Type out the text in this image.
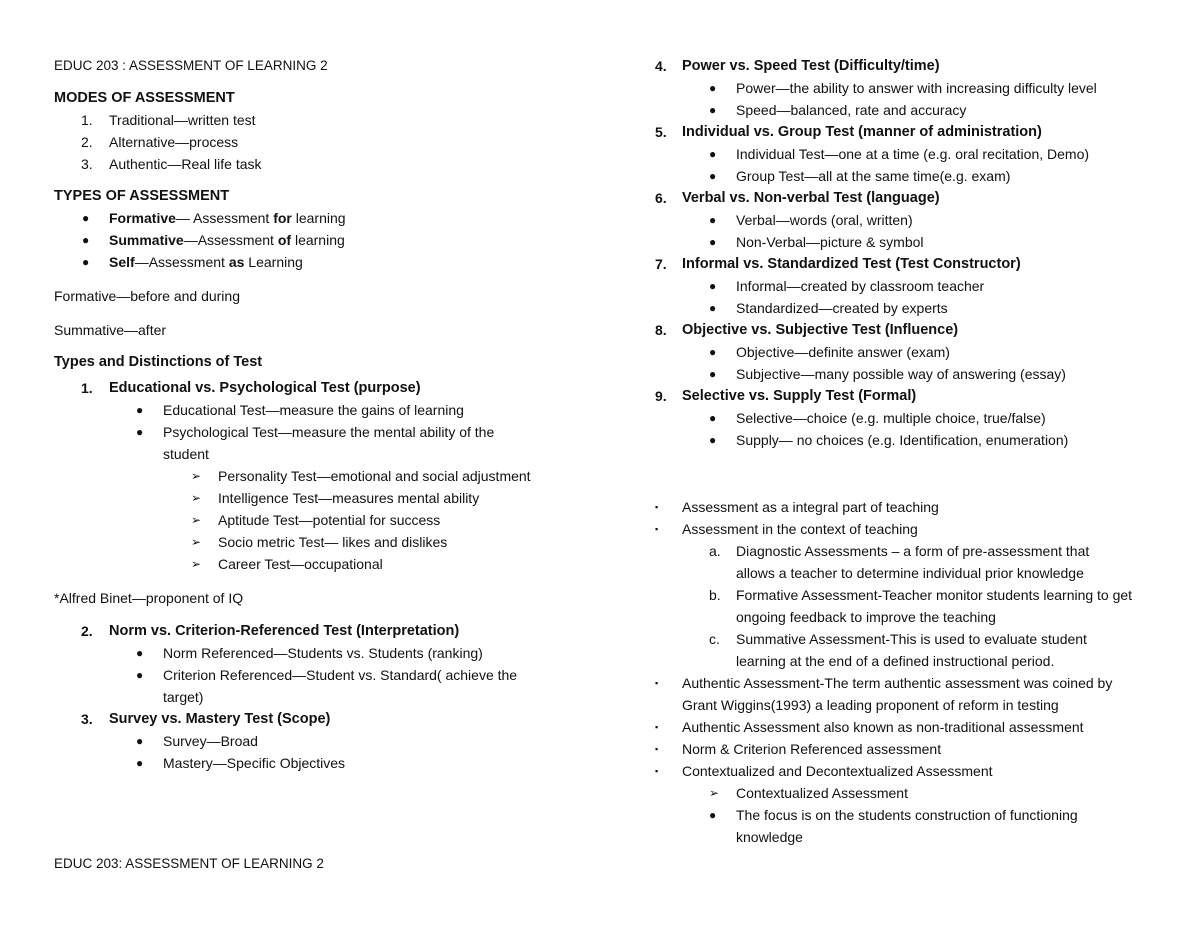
EDUC 203 : ASSESSMENT OF LEARNING 2
MODES OF ASSESSMENT
1.	Traditional—written test
2.	Alternative—process
3.	Authentic—Real life task
TYPES OF ASSESSMENT
●	Formative— Assessment for learning
●	Summative—Assessment of learning
●	Self—Assessment as Learning
Formative—before and during
Summative—after
Types and Distinctions of Test
1.	Educational vs. Psychological Test (purpose)
●	Educational Test—measure the gains of learning
●	Psychological Test—measure the mental ability of the student
➢	Personality Test—emotional and social adjustment
➢	Intelligence Test—measures mental ability
➢	Aptitude Test—potential for success
➢	Socio metric Test— likes and dislikes
➢	Career Test—occupational
*Alfred Binet—proponent of IQ
2.	Norm vs. Criterion-Referenced Test (Interpretation)
●	Norm Referenced—Students vs. Students (ranking)
●	Criterion Referenced—Student vs. Standard( achieve the target)
3.	Survey vs. Mastery Test (Scope)
●	Survey—Broad
●	Mastery—Specific Objectives
4.	Power vs. Speed Test (Difficulty/time)
●	Power—the ability to answer with increasing difficulty level
●	Speed—balanced, rate and accuracy
5.	Individual vs. Group Test (manner of administration)
●	Individual Test—one at a time (e.g. oral recitation, Demo)
●	Group Test—all at the same time(e.g. exam)
6.	Verbal vs. Non-verbal Test (language)
●	Verbal—words (oral, written)
●	Non-Verbal—picture & symbol
7.	Informal vs. Standardized Test (Test Constructor)
●	Informal—created by classroom teacher
●	Standardized—created by experts
8.	Objective vs. Subjective Test (Influence)
●	Objective—definite answer (exam)
●	Subjective—many possible way of answering (essay)
9.	Selective vs. Supply Test (Formal)
●	Selective—choice (e.g. multiple choice, true/false)
●	Supply— no choices (e.g. Identification, enumeration)
▪	Assessment as a integral part of teaching
▪	Assessment in the context of teaching
a.	Diagnostic Assessments – a form of pre-assessment that allows a teacher to determine individual prior knowledge
b.	Formative Assessment-Teacher monitor students learning to get ongoing feedback to improve the teaching
c.	Summative Assessment-This is used to evaluate student learning at the end of a defined instructional period.
▪	Authentic Assessment-The term authentic assessment was coined by Grant Wiggins(1993) a leading proponent of reform in testing
▪	Authentic Assessment also known as non-traditional assessment
▪	Norm & Criterion Referenced assessment
▪	Contextualized and Decontextualized Assessment
➢	Contextualized Assessment
●	The focus is on the students construction of functioning knowledge
EDUC 203: ASSESSMENT OF LEARNING 2
